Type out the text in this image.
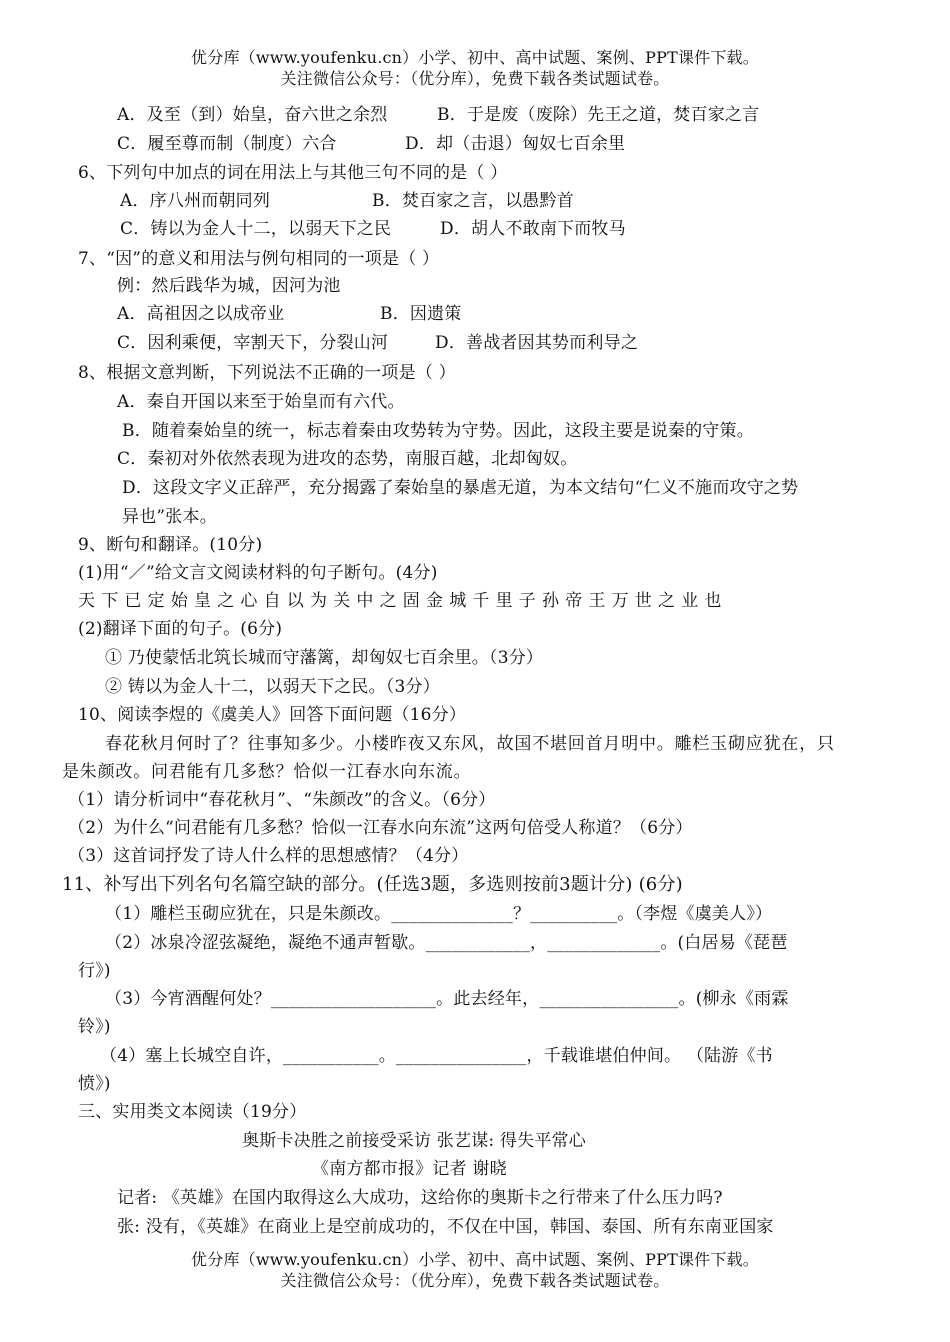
优分库（www.youfenku.cn）小学、初中、高中试题、案例、PPT课件下载。
关注微信公众号：（优分库），免费下载各类试题试卷。
A．及至（到）始皇，奋六世之余烈	B．于是废（废除）先王之道，焚百家之言
C．履至尊而制（制度）六合	D．却（击退）匈奴七百余里
6、下列句中加点的词在用法上与其他三句不同的是（ ）
A．序八州而朝同列	B．焚百家之言，以愚黔首
C．铸以为金人十二，以弱天下之民	D．胡人不敢南下而牧马
7、“因”的意义和用法与例句相同的一项是（ ）
例：然后践华为城，因河为池
A．高祖因之以成帝业	B．因遗策
C．因利乘便，宰割天下，分裂山河	D．善战者因其势而利导之
8、根据文意判断，下列说法不正确的一项是（ ）
A．秦自开国以来至于始皇而有六代。
B．随着秦始皇的统一，标志着秦由攻势转为守势。因此，这段主要是说秦的守策。
C．秦初对外依然表现为进攻的态势，南服百越，北却匈奴。
D．这段文字义正辞严，充分揭露了秦始皇的暴虐无道，为本文结句“仁义不施而攻守之势
异也”张本。
9、断句和翻译。(10分)
(1)用“／”给文言文阅读材料的句子断句。(4分)
天下已定始皇之心自以为关中之固金城千里子孙帝王万世之业也
(2)翻译下面的句子。(6分)
① 乃使蒙恬北筑长城而守藩篱，却匈奴七百余里。（3分）
② 铸以为金人十二，以弱天下之民。（3分）
10、阅读李煜的《虞美人》回答下面问题（16分）
春花秋月何时了？往事知多少。小楼昨夜又东风，故国不堪回首月明中。雕栏玉砌应犹在，只
是朱颜改。问君能有几多愁？恰似一江春水向东流。
（1）请分析词中“春花秋月”、“朱颜改”的含义。（6分）
（2）为什么“问君能有几多愁？恰似一江春水向东流”这两句倍受人称道？（6分）
（3）这首词抒发了诗人什么样的思想感情？（4分）
11、补写出下列名句名篇空缺的部分。(任选3题，多选则按前3题计分) (6分)
（1）雕栏玉砌应犹在，只是朱颜改。______________？__________。（李煜《虞美人》）
（2）冰泉冷涩弦凝绝，凝绝不通声暂歇。____________，_____________。(白居易《琵琶
行》)
（3）今宵酒醒何处？___________________。此去经年，________________。(柳永《雨霖
铃》)
（4）塞上长城空自许，___________。_______________，千载谁堪伯仲间。 （陆游《书
愤》)
三、实用类文本阅读（19分）
奥斯卡决胜之前接受采访 张艺谋: 得失平常心
《南方都市报》记者 谢晓
记者: 《英雄》在国内取得这么大成功，这给你的奥斯卡之行带来了什么压力吗?
张: 没有，《英雄》在商业上是空前成功的，不仅在中国，韩国、泰国、所有东南亚国家
优分库（www.youfenku.cn）小学、初中、高中试题、案例、PPT课件下载。
关注微信公众号：（优分库），免费下载各类试题试卷。
